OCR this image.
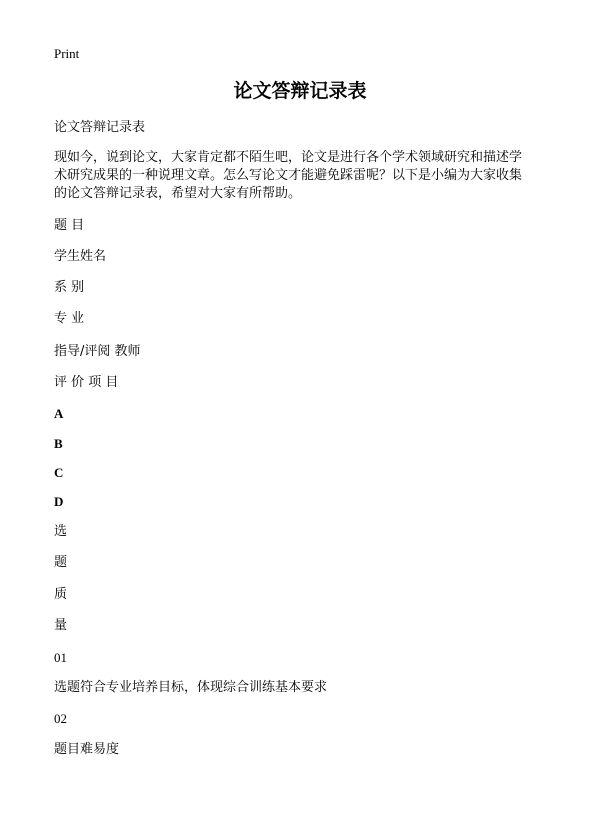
Print
论文答辩记录表

论文答辩记录表

现如今，说到论文，大家肯定都不陌生吧，论文是进行各个学术领域研究和描述学
术研究成果的一种说理文章。怎么写论文才能避免踩雷呢？以下是小编为大家收集
的论文答辩记录表，希望对大家有所帮助。

题 目

学生姓名

系 别

专 业

指导/评阅 教师

评 价 项 目

A

B

C

D

选

题

质

量

01

选题符合专业培养目标，体现综合训练基本要求

02

题目难易度
